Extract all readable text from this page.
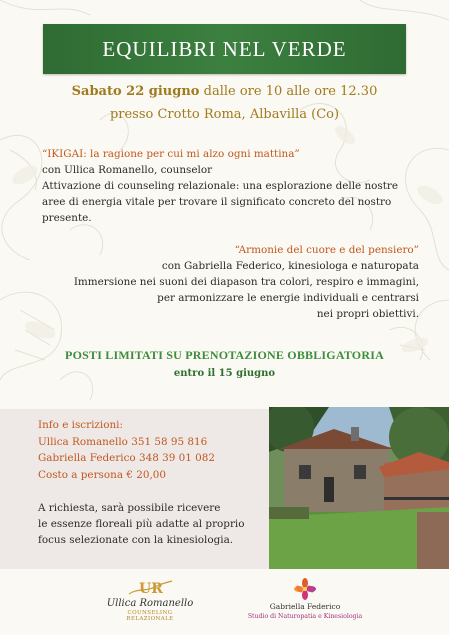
EQUILIBRI NEL VERDE
Sabato 22 giugno dalle ore 10 alle ore 12.30
presso Crotto Roma, Albavilla (Co)
“IKIGAI: la ragione per cui mi alzo ogni mattina”
con Ullica Romanello, counselor
Attivazione di counseling relazionale: una esplorazione delle nostre
aree di energia vitale per trovare il significato concreto del nostro
presente.
“Armonie del cuore e del pensiero”
con Gabriella Federico, kinesiologa e naturopata
Immersione nei suoni dei diapason tra colori, respiro e immagini,
per armonizzare le energie individuali e centrarsi
nei propri obiettivi.
POSTI LIMITATI SU PRENOTAZIONE OBBLIGATORIA
entro il 15 giugno
Info e iscrizioni:
Ullica Romanello 351 58 95 816
Gabriella Federico 348 39 01 082
Costo a persona € 20,00
A richiesta, sarà possibile ricevere
le essenze floreali più adatte al proprio
focus selezionate con la kinesiologia.
UR
Ullica Romanello
COUNSELING RELAZIONALE
Gabriella Federico
Studio di Naturopatia e Kinesiologia
